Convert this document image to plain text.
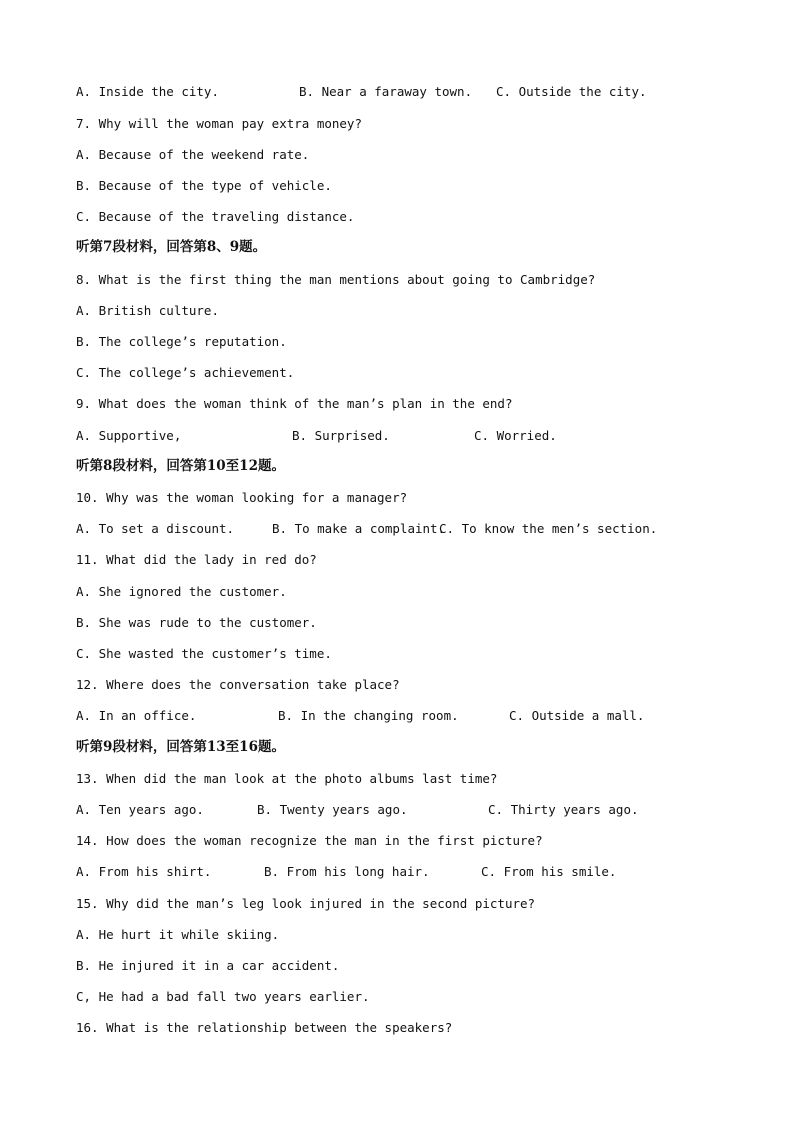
A. Inside the city.

	B. Near a faraway town.

C. Outside the city.

7. Why will the woman pay extra money?
A. Because of the weekend rate.
B. Because of the type of vehicle.
C. Because of the traveling distance.
听第7段材料，回答第8、9题。
8. What is the first thing the man mentions about going to Cambridge?
A. British culture.
B. The college’s reputation.
C. The college’s achievement.
9. What does the woman think of the man’s plan in the end?

A. Supportive,

	B. Surprised.

	C. Worried.

听第8段材料，回答第10至12题。
10. Why was the woman looking for a manager?

A. To set a discount.

	B. To make a complaint.

C. To know the men’s section.

11. What did the lady in red do?
A. She ignored the customer.
B. She was rude to the customer.
C. She wasted the customer’s time.
12. Where does the conversation take place?

A. In an office.

	B. In the changing room.

	C. Outside a mall.

听第9段材料，回答第13至16题。
13. When did the man look at the photo albums last time?

A. Ten years ago.

	B. Twenty years ago.

	C. Thirty years ago.

14. How does the woman recognize the man in the first picture?

A. From his shirt.

	B. From his long hair.

	C. From his smile.

15. Why did the man’s leg look injured in the second picture?
A. He hurt it while skiing.
B. He injured it in a car accident.
C, He had a bad fall two years earlier.
16. What is the relationship between the speakers?
